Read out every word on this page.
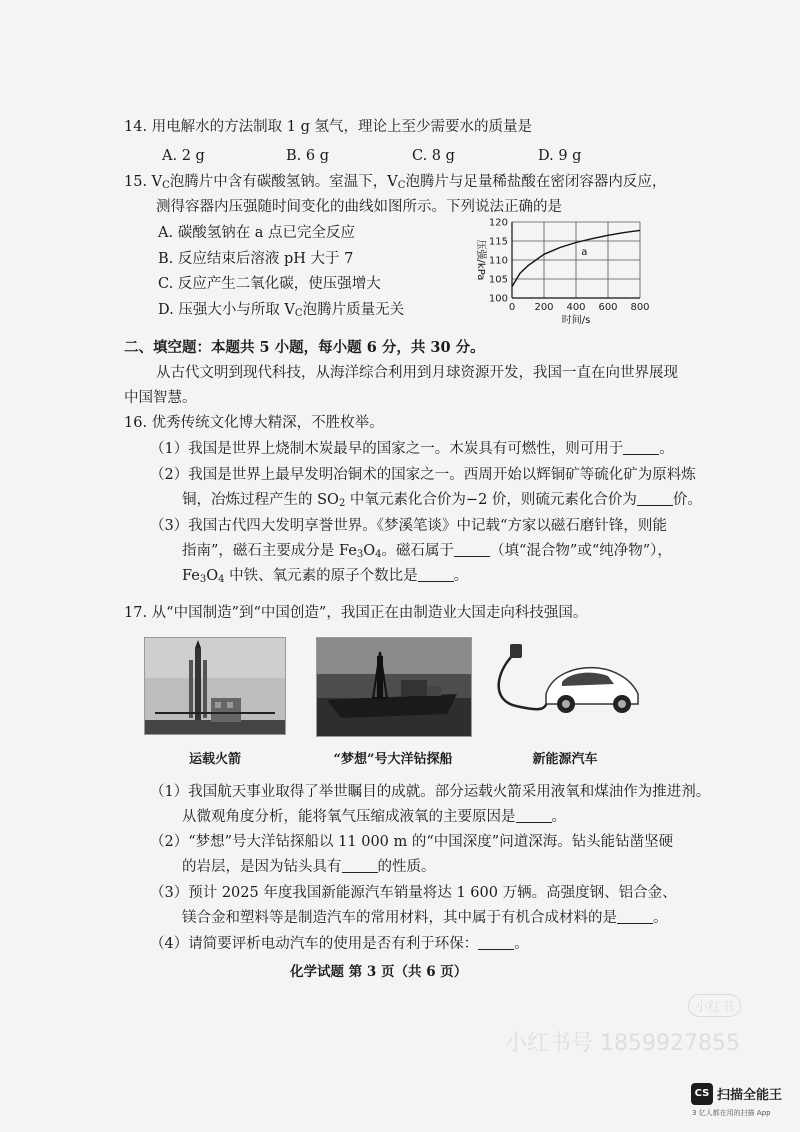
14. 用电解水的方法制取 1 g 氢气，理论上至少需要水的质量是
A. 2 g	B. 6 g	C. 8 g	D. 9 g
15. $V_C$泡腾片中含有碳酸氢钠。室温下，$V_C$泡腾片与足量稀盐酸在密闭容器内反应，
测得容器内压强随时间变化的曲线如图所示。下列说法正确的是
A. 碳酸氢钠在 a 点已完全反应
B. 反应结束后溶液 pH 大于 7
C. 反应产生二氧化碳，使压强增大
D. 压强大小与所取 $V_C$泡腾片质量无关
100
105
110
115
120
0 200 400 600 800
a
压强/kPa
时间/s
二、填空题：本题共 5 小题，每小题 6 分，共 30 分。
从古代文明到现代科技，从海洋综合利用到月球资源开发，我国一直在向世界展现
中国智慧。
16. 优秀传统文化博大精深，不胜枚举。
（1）我国是世界上烧制木炭最早的国家之一。木炭具有可燃性，则可用于 。
（2）我国是世界上最早发明冶铜术的国家之一。西周开始以辉铜矿等硫化矿为原料炼
铜，冶炼过程产生的 $SO_2$ 中氧元素化合价为−2 价，则硫元素化合价为 价。
（3）我国古代四大发明享誉世界。《梦溪笔谈》中记载“方家以磁石磨针锋，则能
指南”，磁石主要成分是 $Fe_3O_4$。磁石属于 （填“混合物”或“纯净物”），
$Fe_3O_4$ 中铁、氧元素的原子个数比是 。
17. 从“中国制造”到“中国创造”，我国正在由制造业大国走向科技强国。
运载火箭	“梦想”号大洋钻探船	新能源汽车
（1）我国航天事业取得了举世瞩目的成就。部分运载火箭采用液氧和煤油作为推进剂。
从微观角度分析，能将氧气压缩成液氧的主要原因是 。
（2）“梦想”号大洋钻探船以 11 000 m 的“中国深度”问道深海。钻头能钻凿坚硬
的岩层，是因为钻头具有 的性质。
（3）预计 2025 年度我国新能源汽车销量将达 1 600 万辆。高强度钢、铝合金、
镁合金和塑料等是制造汽车的常用材料，其中属于有机合成材料的是 。
（4）请简要评析电动汽车的使用是否有利于环保： 。
化学试题 第 3 页（共 6 页）
小红书
小红书号 1859927855
CS 扫描全能王
3 亿人都在用的扫描 App
